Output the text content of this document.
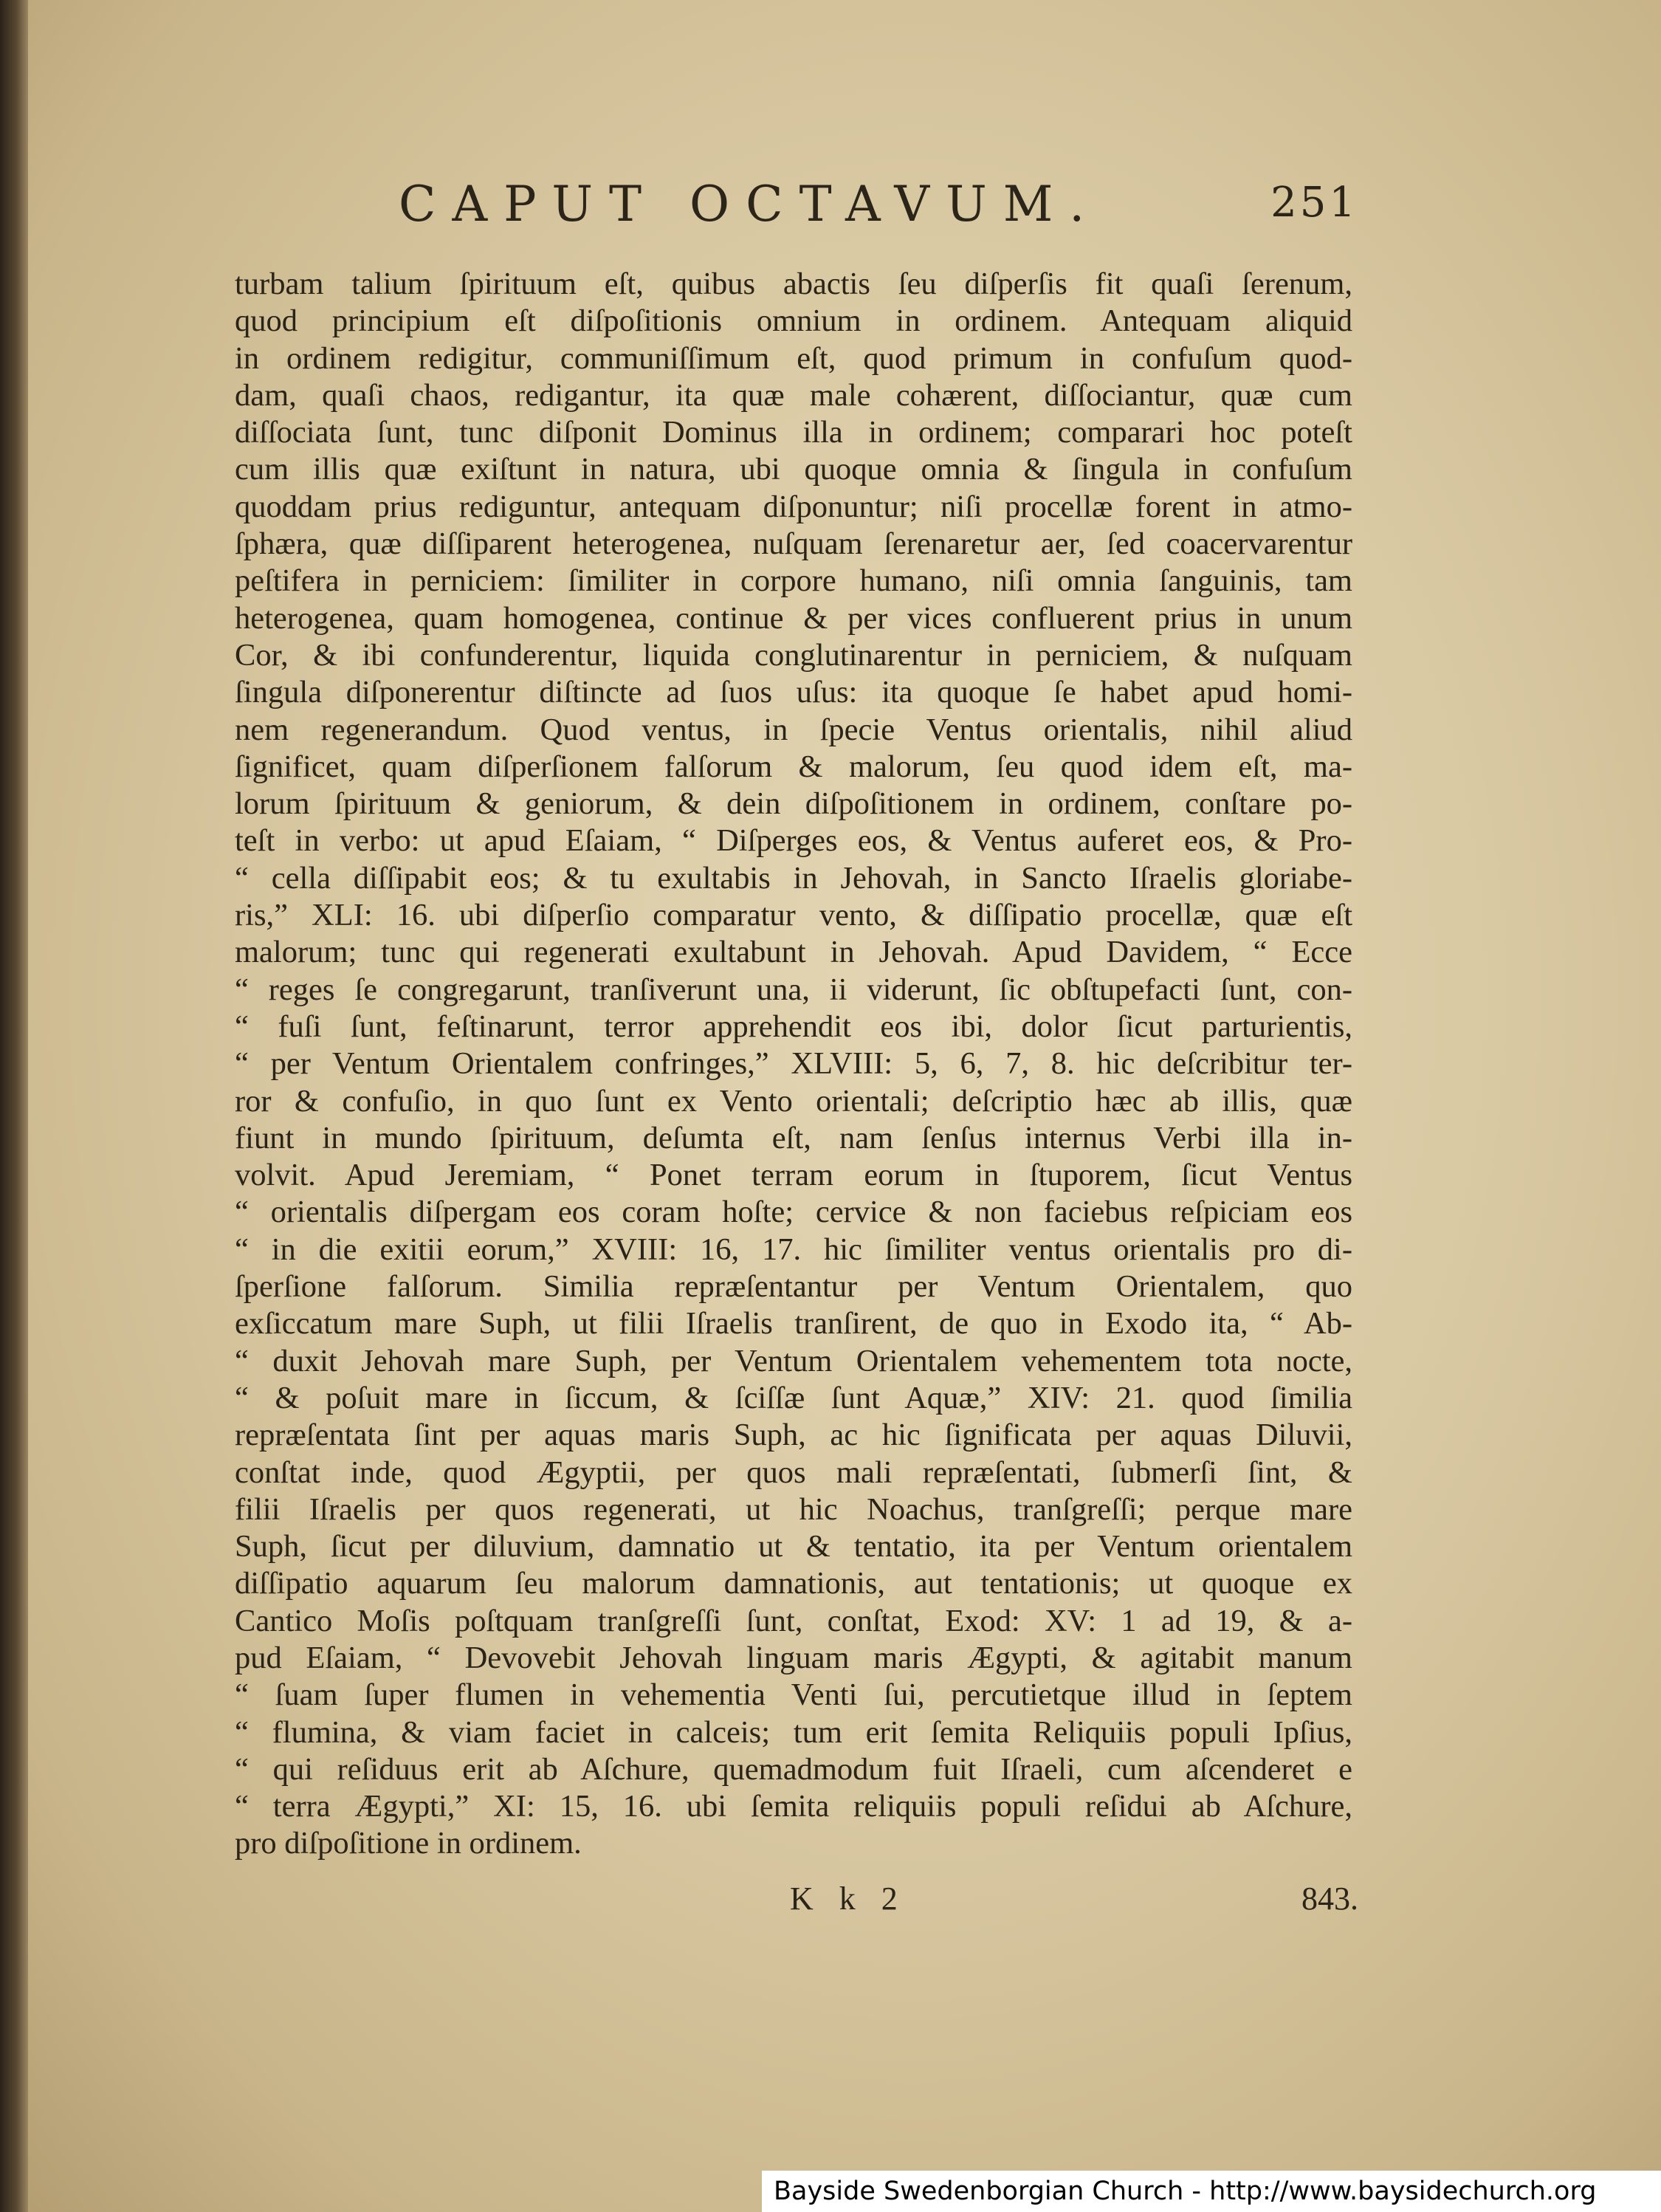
CAPUT OCTAVUM.	251
turbam talium ſpirituum eſt, quibus abactis ſeu diſperſis fit quaſi ſerenum,
quod principium eſt diſpoſitionis omnium in ordinem. Antequam aliquid
in ordinem redigitur, communiſſimum eſt, quod primum in confuſum quod-
dam, quaſi chaos, redigantur, ita quæ male cohærent, diſſociantur, quæ cum
diſſociata ſunt, tunc diſponit Dominus illa in ordinem; comparari hoc poteſt
cum illis quæ exiſtunt in natura, ubi quoque omnia & ſingula in confuſum
quoddam prius rediguntur, antequam diſponuntur; niſi procellæ forent in atmo-
ſphæra, quæ diſſiparent heterogenea, nuſquam ſerenaretur aer, ſed coacervarentur
peſtifera in perniciem: ſimiliter in corpore humano, niſi omnia ſanguinis, tam
heterogenea, quam homogenea, continue & per vices confluerent prius in unum
Cor, & ibi confunderentur, liquida conglutinarentur in perniciem, & nuſquam
ſingula diſponerentur diſtincte ad ſuos uſus: ita quoque ſe habet apud homi-
nem regenerandum. Quod ventus, in ſpecie Ventus orientalis, nihil aliud
ſignificet, quam diſperſionem falſorum & malorum, ſeu quod idem eſt, ma-
lorum ſpirituum & geniorum, & dein diſpoſitionem in ordinem, conſtare po-
teſt in verbo: ut apud Eſaiam, “ Diſperges eos, & Ventus auferet eos, & Pro-
“ cella diſſipabit eos; & tu exultabis in Jehovah, in Sancto Iſraelis gloriabe-
ris,” XLI: 16. ubi diſperſio comparatur vento, & diſſipatio procellæ, quæ eſt
malorum; tunc qui regenerati exultabunt in Jehovah. Apud Davidem, “ Ecce
“ reges ſe congregarunt, tranſiverunt una, ii viderunt, ſic obſtupefacti ſunt, con-
“ fuſi ſunt, feſtinarunt, terror apprehendit eos ibi, dolor ſicut parturientis,
“ per Ventum Orientalem confringes,” XLVIII: 5, 6, 7, 8. hic deſcribitur ter-
ror & confuſio, in quo ſunt ex Vento orientali; deſcriptio hæc ab illis, quæ
fiunt in mundo ſpirituum, deſumta eſt, nam ſenſus internus Verbi illa in-
volvit. Apud Jeremiam, “ Ponet terram eorum in ſtuporem, ſicut Ventus
“ orientalis diſpergam eos coram hoſte; cervice & non faciebus reſpiciam eos
“ in die exitii eorum,” XVIII: 16, 17. hic ſimiliter ventus orientalis pro di-
ſperſione falſorum. Similia repræſentantur per Ventum Orientalem, quo
exſiccatum mare Suph, ut filii Iſraelis tranſirent, de quo in Exodo ita, “ Ab-
“ duxit Jehovah mare Suph, per Ventum Orientalem vehementem tota nocte,
“ & poſuit mare in ſiccum, & ſciſſæ ſunt Aquæ,” XIV: 21. quod ſimilia
repræſentata ſint per aquas maris Suph, ac hic ſignificata per aquas Diluvii,
conſtat inde, quod Ægyptii, per quos mali repræſentati, ſubmerſi ſint, &
filii Iſraelis per quos regenerati, ut hic Noachus, tranſgreſſi; perque mare
Suph, ſicut per diluvium, damnatio ut & tentatio, ita per Ventum orientalem
diſſipatio aquarum ſeu malorum damnationis, aut tentationis; ut quoque ex
Cantico Moſis poſtquam tranſgreſſi ſunt, conſtat, Exod: XV: 1 ad 19, & a-
pud Eſaiam, “ Devovebit Jehovah linguam maris Ægypti, & agitabit manum
“ ſuam ſuper flumen in vehementia Venti ſui, percutietque illud in ſeptem
“ flumina, & viam faciet in calceis; tum erit ſemita Reliquiis populi Ipſius,
“ qui reſiduus erit ab Aſchure, quemadmodum fuit Iſraeli, cum aſcenderet e
“ terra Ægypti,” XI: 15, 16. ubi ſemita reliquiis populi reſidui ab Aſchure,
pro diſpoſitione in ordinem.
K k 2	843.
Bayside Swedenborgian Church - http://www.baysidechurch.org
